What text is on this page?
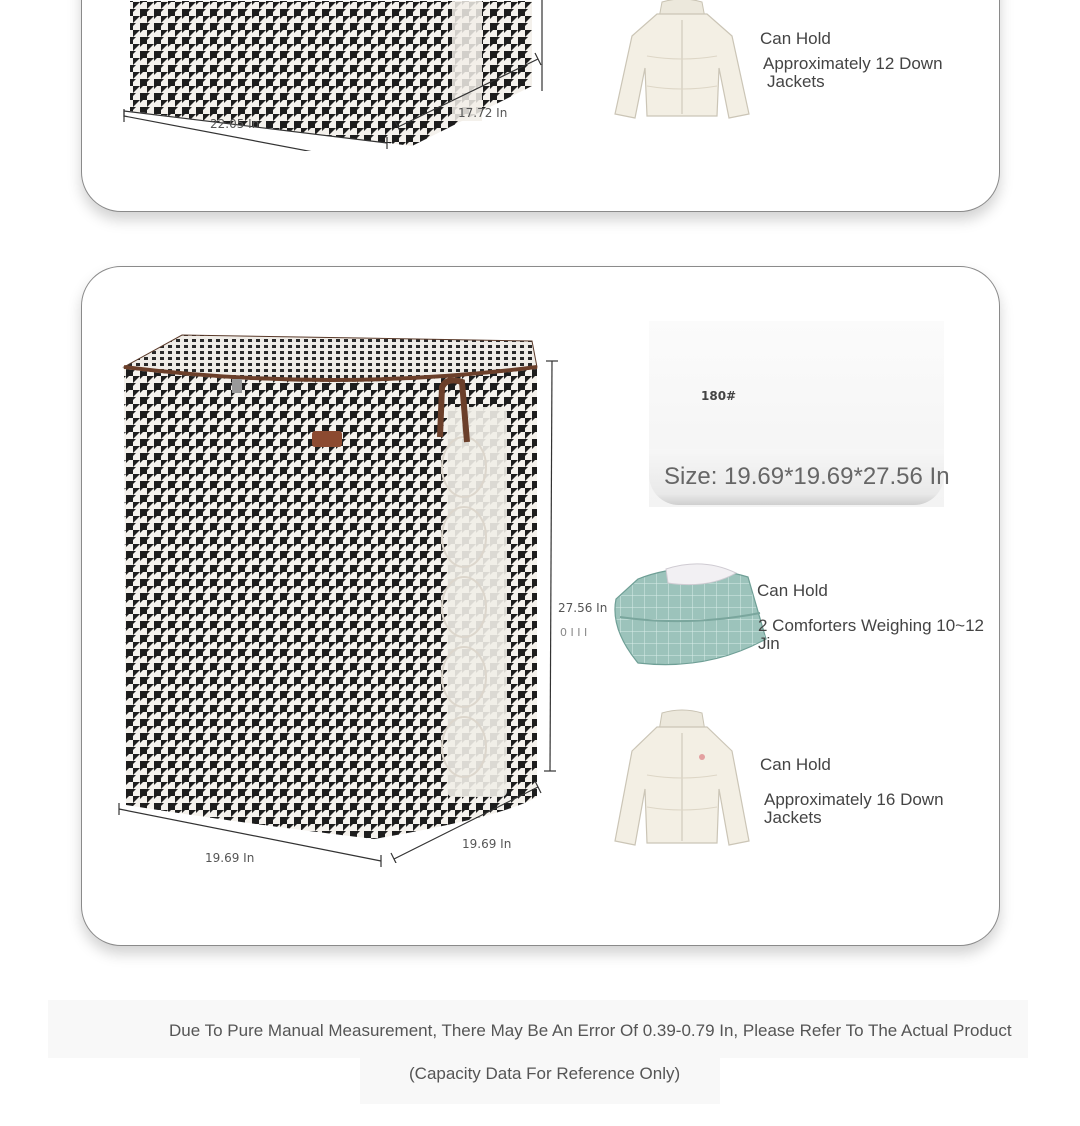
22.05 In
17.72 In
Can Hold
Approximately 12 Down
Jackets
180#
Size: 19.69*19.69*27.56 In
27.56 In
0 I I I
19.69 In
19.69 In
Can Hold
2 Comforters Weighing 10~12 Jin
Can Hold
Approximately 16 Down Jackets
Due To Pure Manual Measurement, There May Be An Error Of 0.39-0.79 In, Please Refer To The Actual Product
(Capacity Data For Reference Only)
